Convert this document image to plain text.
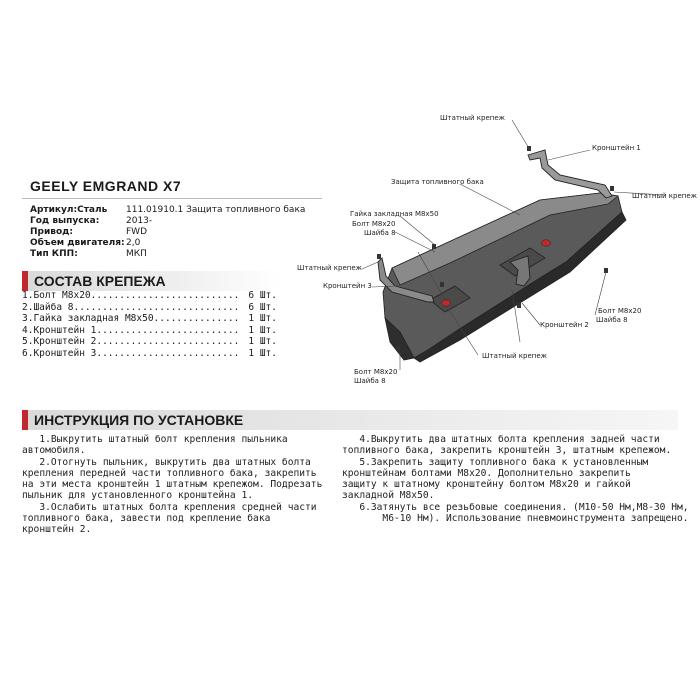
GEELY EMGRAND X7
Артикул:Сталь 111.01910.1 Защита топливного бака
Год выпуска:	2013-
Привод:	FWD
Объем двигателя: 2,0
Тип КПП:	МКП
СОСТАВ КРЕПЕЖА
1.Болт М8х20.......................... 6 Шт.
2.Шайба 8............................. 6 Шт.
3.Гайка закладная М8х50............... 1 Шт.
4.Кронштейн 1......................... 1 Шт.
5.Кронштейн 2......................... 1 Шт.
6.Кронштейн 3......................... 1 Шт.
Штатный крепеж
Кронштейн 1
Штатный крепеж
Защита топливного бака
Гайка закладная М8х50
Болт М8х20
Шайба 8
Штатный крепеж
Кронштейн 3
Болт М8х20
Шайба 8
Кронштейн 2
Штатный крепеж
Болт М8х20
Шайба 8
ИНСТРУКЦИЯ ПО УСТАНОВКЕ

1.Выкрутить штатный болт крепления пыльника

автомобиля.

2.Отогнуть пыльник, выкрутить два штатных болта

крепления передней части топливного бака, закрепить

на эти места кронштейн 1 штатным крепежом. Подрезать

пыльник для установленного кронштейна 1.

3.Ослабить штатных болта крепления средней части

топливного бака, завести под крепление бака

кронштейн 2.

4.Выкрутить два штатных болта крепления задней части

топливного бака, закрепить кронштейн 3, штатным крепежом.

5.Закрепить защиту топливного бака к установленным

кронштейнам болтами М8х20. Дополнительно закрепить

защиту к штатному кронштейну болтом М8х20 и гайкой

закладной М8х50.

6.Затянуть все резьбовые соединения. (М10-50 Нм,М8-30 Нм,

М6-10 Нм). Использование пневмоинструмента запрещено.
